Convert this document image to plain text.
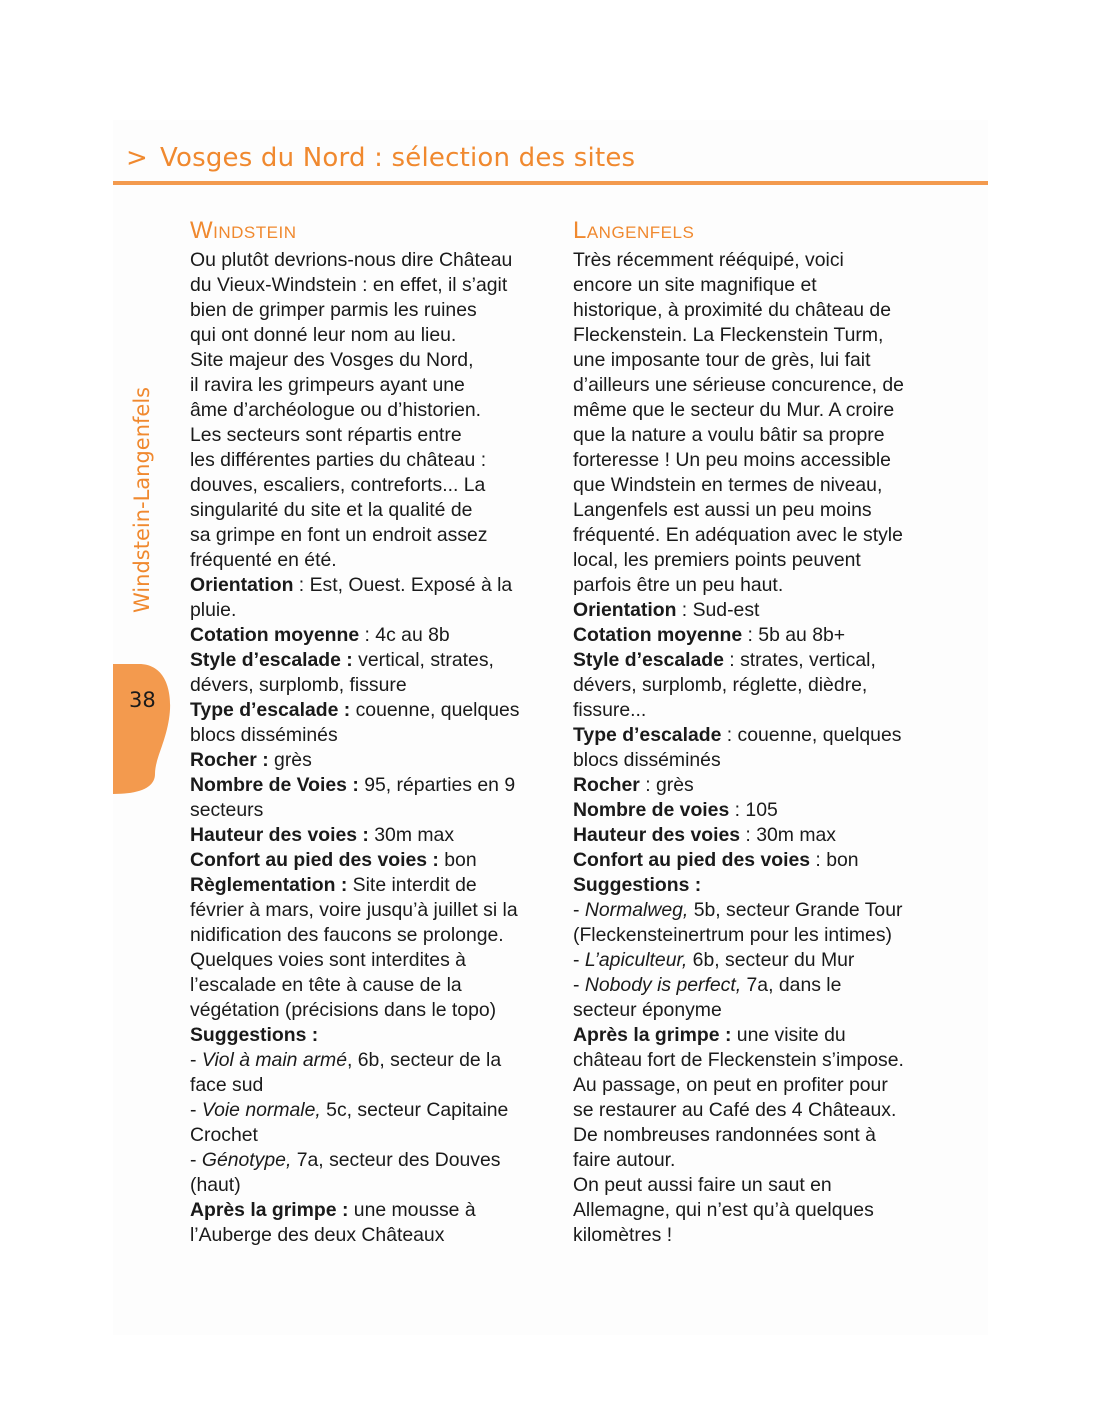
> Vosges du Nord : sélection des sites
Windstein-Langenfels
38
Windstein
Ou plutôt devrions-nous dire Château
du Vieux-Windstein : en effet, il s’agit
bien de grimper parmis les ruines
qui ont donné leur nom au lieu.
Site majeur des Vosges du Nord,
il ravira les grimpeurs ayant une
âme d’archéologue ou d’historien.
Les secteurs sont répartis entre
les différentes parties du château :
douves, escaliers, contreforts... La
singularité du site et la qualité de
sa grimpe en font un endroit assez
fréquenté en été.
Orientation : Est, Ouest. Exposé à la
pluie.
Cotation moyenne : 4c au 8b
Style d’escalade : vertical, strates,
dévers, surplomb, fissure
Type d’escalade : couenne, quelques
blocs disséminés
Rocher : grès
Nombre de Voies : 95, réparties en 9
secteurs
Hauteur des voies : 30m max
Confort au pied des voies : bon
Règlementation : Site interdit de
février à mars, voire jusqu’à juillet si la
nidification des faucons se prolonge.
Quelques voies sont interdites à
l’escalade en tête à cause de la
végétation (précisions dans le topo)
Suggestions :
- Viol à main armé, 6b, secteur de la
face sud
- Voie normale, 5c, secteur Capitaine
Crochet
- Génotype, 7a, secteur des Douves
(haut)
Après la grimpe : une mousse à
l’Auberge des deux Châteaux
Langenfels
Très récemment rééquipé, voici
encore un site magnifique et
historique, à proximité du château de
Fleckenstein. La Fleckenstein Turm,
une imposante tour de grès, lui fait
d’ailleurs une sérieuse concurence, de
même que le secteur du Mur. A croire
que la nature a voulu bâtir sa propre
forteresse ! Un peu moins accessible
que Windstein en termes de niveau,
Langenfels est aussi un peu moins
fréquenté. En adéquation avec le style
local, les premiers points peuvent
parfois être un peu haut.
Orientation : Sud-est
Cotation moyenne : 5b au 8b+
Style d’escalade : strates, vertical,
dévers, surplomb, réglette, dièdre,
fissure...
Type d’escalade : couenne, quelques
blocs disséminés
Rocher : grès
Nombre de voies : 105
Hauteur des voies : 30m max
Confort au pied des voies : bon
Suggestions :
- Normalweg, 5b, secteur Grande Tour
(Fleckensteinertrum pour les intimes)
- L’apiculteur, 6b, secteur du Mur
- Nobody is perfect, 7a, dans le
secteur éponyme
Après la grimpe : une visite du
château fort de Fleckenstein s’impose.
Au passage, on peut en profiter pour
se restaurer au Café des 4 Châteaux.
De nombreuses randonnées sont à
faire autour.
On peut aussi faire un saut en
Allemagne, qui n’est qu’à quelques
kilomètres !
